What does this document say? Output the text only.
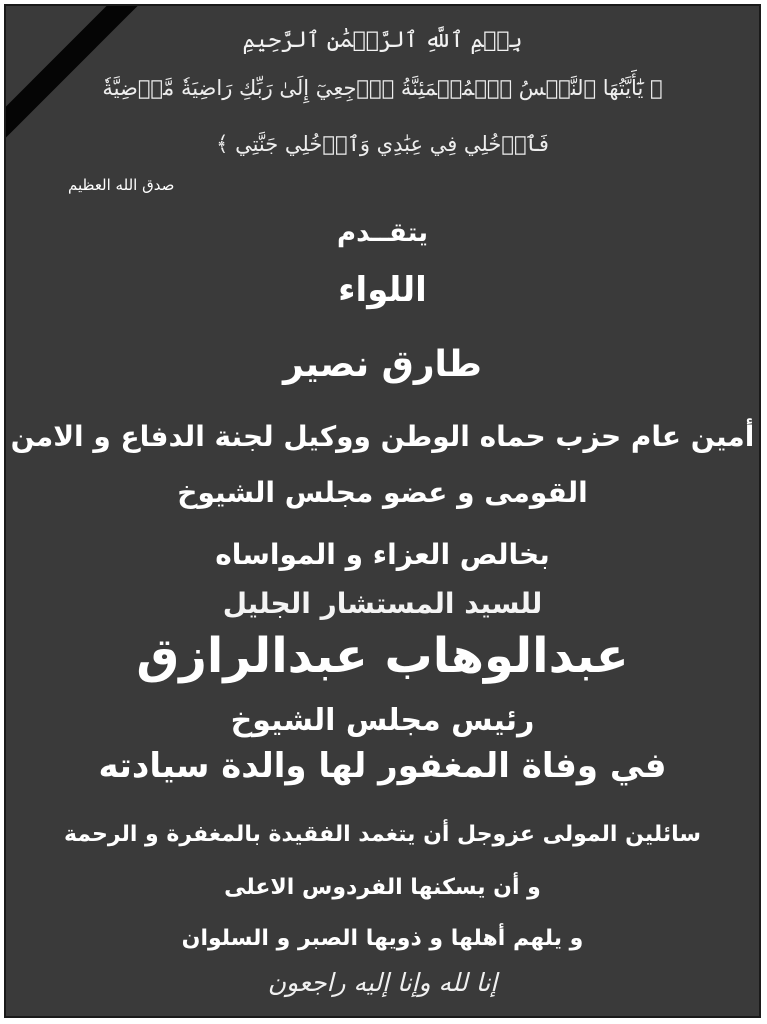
بِسۡمِ ٱللَّهِ ٱلرَّحۡمَٰنِ ٱلرَّحِيمِ
﴿ يَٰٓأَيَّتُهَا ٱلنَّفۡسُ ٱلۡمُطۡمَئِنَّةُ ٱرۡجِعِيٓ إِلَىٰ رَبِّكِ رَاضِيَةٗ مَّرۡضِيَّةٗ
فَٱدۡخُلِي فِي عِبَٰدِي وَٱدۡخُلِي جَنَّتِي ﴾
صدق الله العظيم
يتقــدم
اللواء
طارق نصير
أمين عام حزب حماه الوطن ووكيل لجنة الدفاع و الامن
القومى و عضو مجلس الشيوخ
بخالص العزاء و المواساه
للسيد المستشار الجليل
عبدالوهاب عبدالرازق
رئيس مجلس الشيوخ
في وفاة المغفور لها والدة سيادته
سائلين المولى عزوجل أن يتغمد الفقيدة بالمغفرة و الرحمة
و أن يسكنها الفردوس الاعلى
و يلهم أهلها و ذويها الصبر و السلوان
إنا لله وإنا إليه راجعون
